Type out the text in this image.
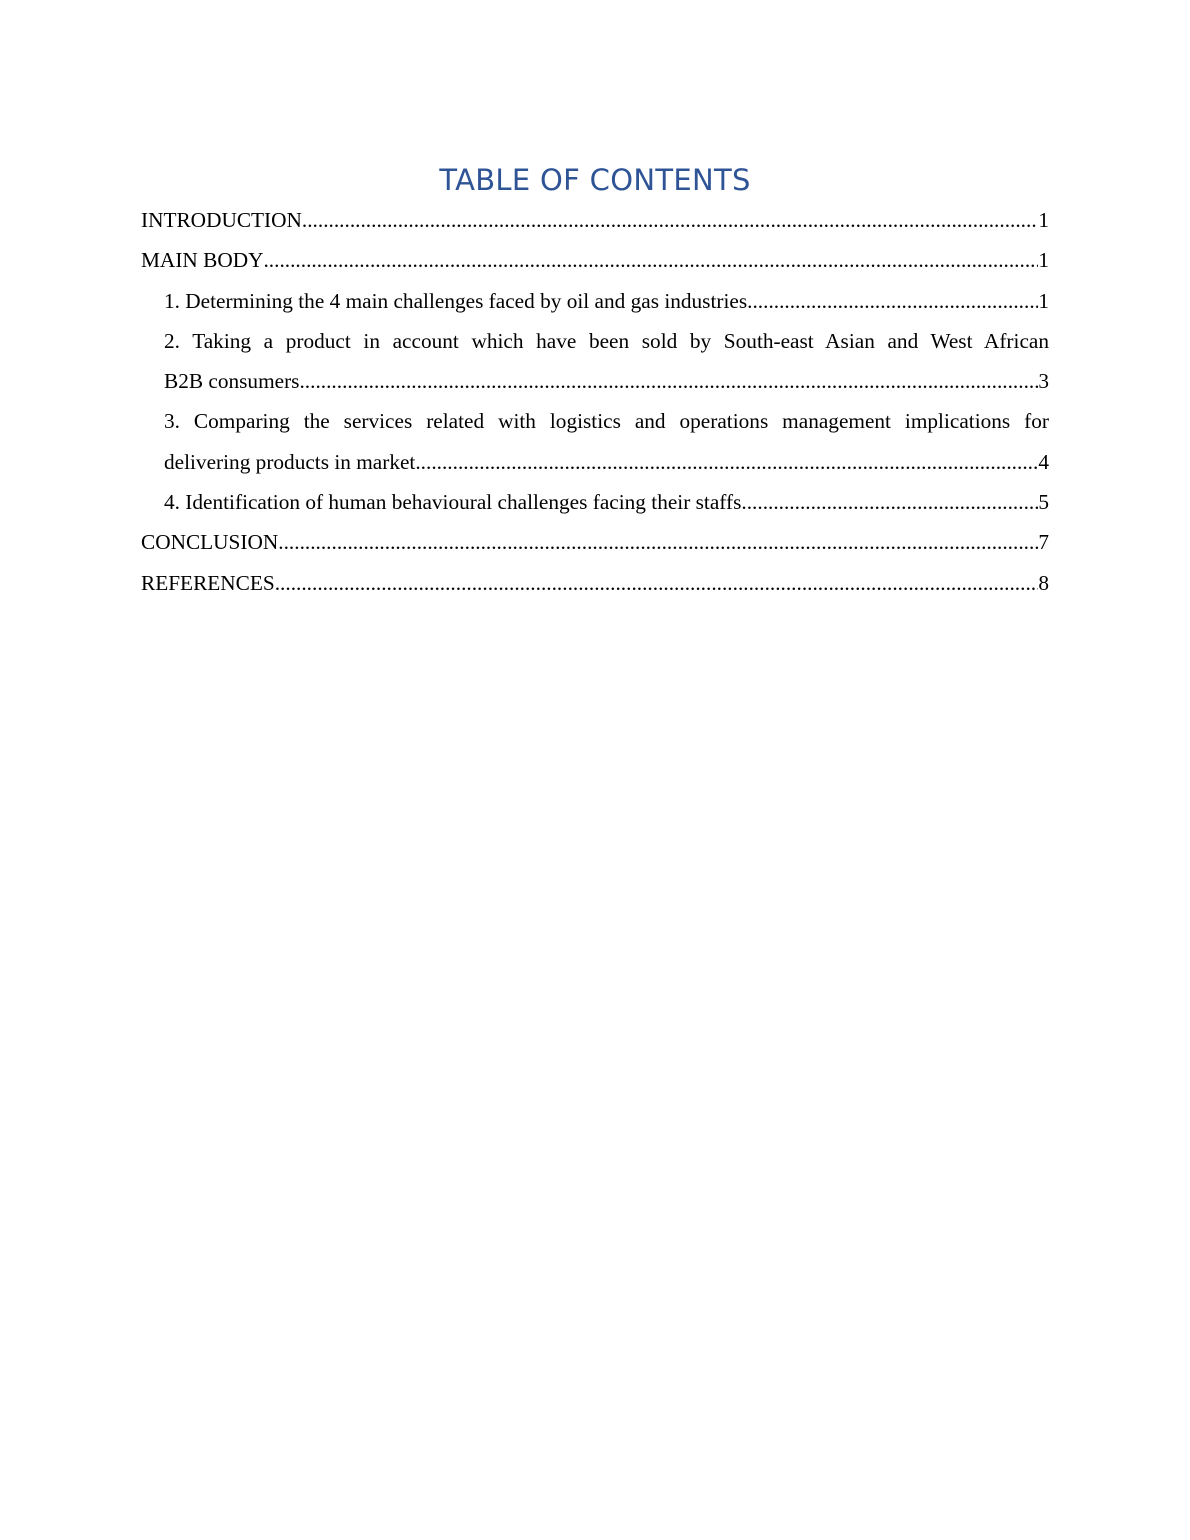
TABLE OF CONTENTS
INTRODUCTION .....	1
MAIN BODY .....	1
1. Determining the 4 main challenges faced by oil and gas industries .....	1
2. Taking a product in account which have been sold by South-east Asian and West African
B2B consumers .....	3
3. Comparing the services related with logistics and operations management implications for
delivering products in market .....	4
4. Identification of human behavioural challenges facing their staffs .....	5
CONCLUSION .....	7
REFERENCES .....	8
